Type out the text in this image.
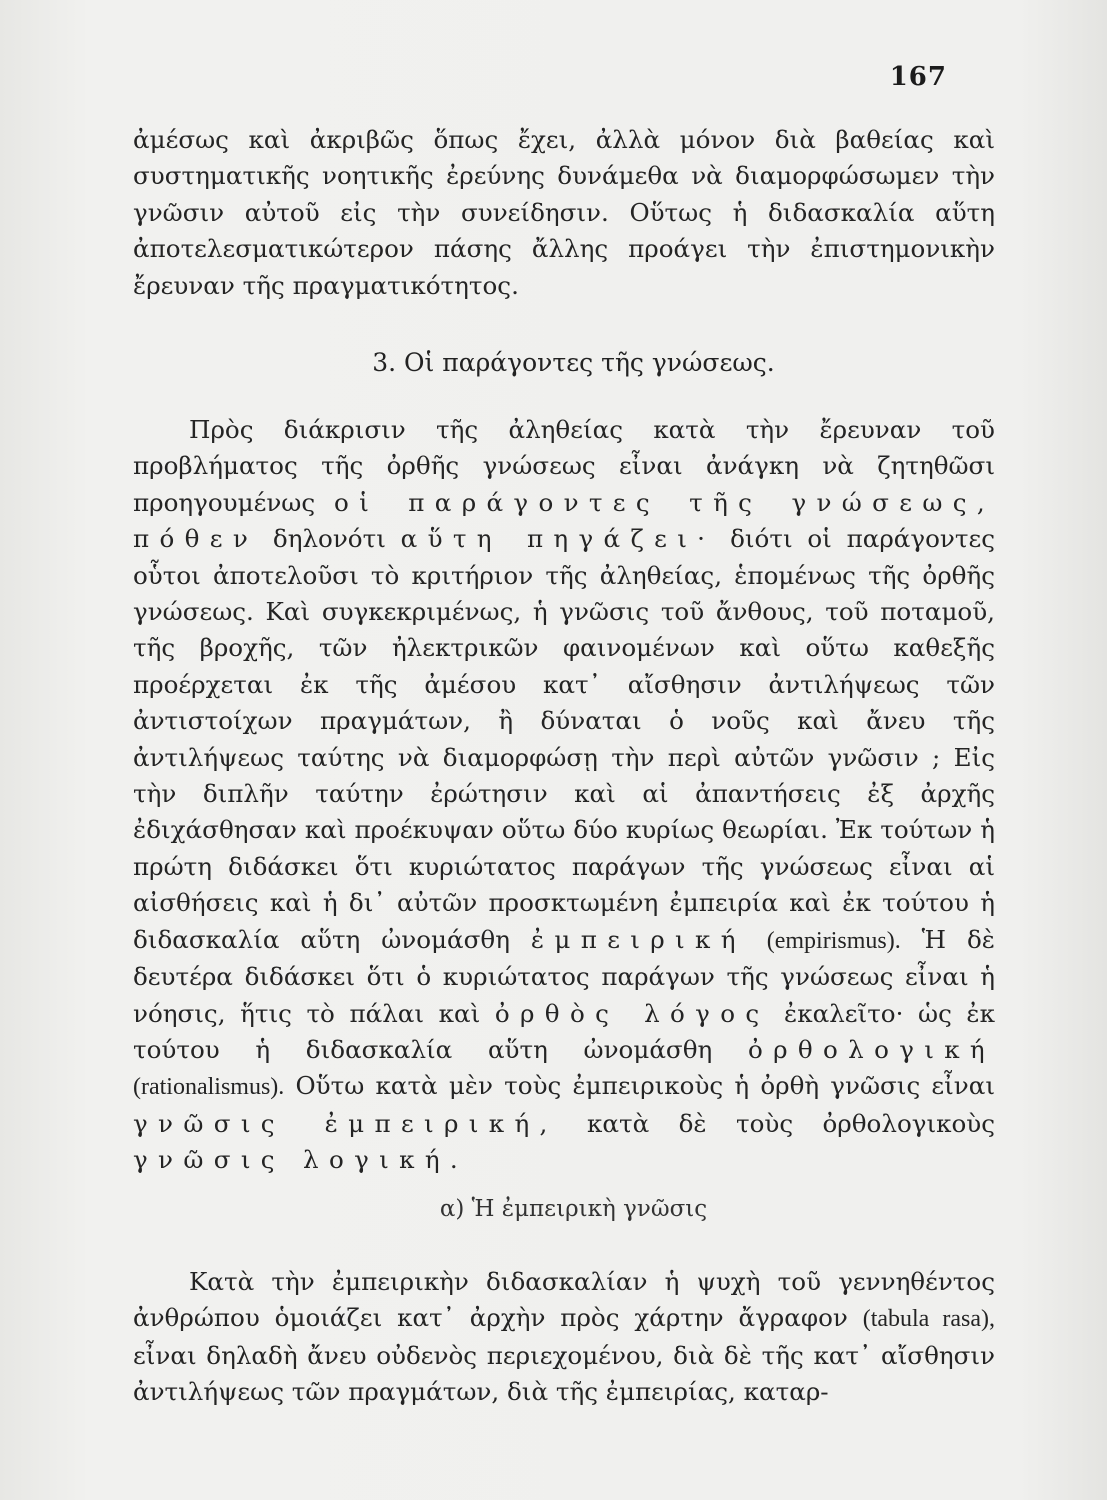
167

ἀμέσως καὶ ἀκριβῶς ὅπως ἔχει, ἀλλὰ μόνον διὰ βαθείας καὶ συστηματικῆς νοητικῆς ἐρεύνης δυνάμεθα νὰ διαμορφώσωμεν τὴν γνῶσιν αὐτοῦ εἰς τὴν συνείδησιν. Οὕτως ἡ διδασκαλία αὕτη ἀποτελεσματικώτερον πάσης ἄλλης προάγει τὴν ἐπιστημονικὴν ἔρευναν τῆς πραγματικότητος.

3. Οἱ παράγοντες τῆς γνώσεως.

Πρὸς διάκρισιν τῆς ἀληθείας κατὰ τὴν ἔρευναν τοῦ προβλήματος τῆς ὀρθῆς γνώσεως εἶναι ἀνάγκη νὰ ζητηθῶσι προηγουμένως οἱ παράγοντες τῆς γνώσεως, πόθεν δηλονότι αὕτη πηγάζει· διότι οἱ παράγοντες οὗτοι ἀποτελοῦσι τὸ κριτήριον τῆς ἀληθείας, ἑπομένως τῆς ὀρθῆς γνώσεως. Καὶ συγκεκριμένως, ἡ γνῶσις τοῦ ἄνθους, τοῦ ποταμοῦ, τῆς βροχῆς, τῶν ἠλεκτρικῶν φαινομένων καὶ οὕτω καθεξῆς προέρχεται ἐκ τῆς ἀμέσου κατ᾽ αἴσθησιν ἀντιλήψεως τῶν ἀντιστοίχων πραγμάτων, ἢ δύναται ὁ νοῦς καὶ ἄνευ τῆς ἀντιλήψεως ταύτης νὰ διαμορφώσῃ τὴν περὶ αὐτῶν γνῶσιν ; Εἰς τὴν διπλῆν ταύτην ἐρώτησιν καὶ αἱ ἀπαντήσεις ἐξ ἀρχῆς ἐδιχάσθησαν καὶ προέκυψαν οὕτω δύο κυρίως θεωρίαι. Ἐκ τούτων ἡ πρώτη διδάσκει ὅτι κυριώτατος παράγων τῆς γνώσεως εἶναι αἱ αἰσθήσεις καὶ ἡ δι᾽ αὐτῶν προσκτωμένη ἐμπειρία καὶ ἐκ τούτου ἡ διδασκαλία αὕτη ὠνομάσθη ἐμπειρική (empirismus). Ἡ δὲ δευτέρα διδάσκει ὅτι ὁ κυριώτατος παράγων τῆς γνώσεως εἶναι ἡ νόησις, ἥτις τὸ πάλαι καὶ ὀρθὸς λόγος ἐκαλεῖτο· ὡς ἐκ τούτου ἡ διδασκαλία αὕτη ὠνομάσθη ὀρθολογική (rationalismus). Οὕτω κατὰ μὲν τοὺς ἐμπειρικοὺς ἡ ὀρθὴ γνῶσις εἶναι γνῶσις ἐμπειρική, κατὰ δὲ τοὺς ὀρθολογικοὺς γνῶσις λογική.

α) Ἡ ἐμπειρικὴ γνῶσις

Κατὰ τὴν ἐμπειρικὴν διδασκαλίαν ἡ ψυχὴ τοῦ γεννηθέντος ἀνθρώπου ὁμοιάζει κατ᾽ ἀρχὴν πρὸς χάρτην ἄγραφον (tabula rasa), εἶναι δηλαδὴ ἄνευ οὐδενὸς περιεχομένου, διὰ δὲ τῆς κατ᾽ αἴσθησιν ἀντιλήψεως τῶν πραγμάτων, διὰ τῆς ἐμπειρίας, καταρ-
